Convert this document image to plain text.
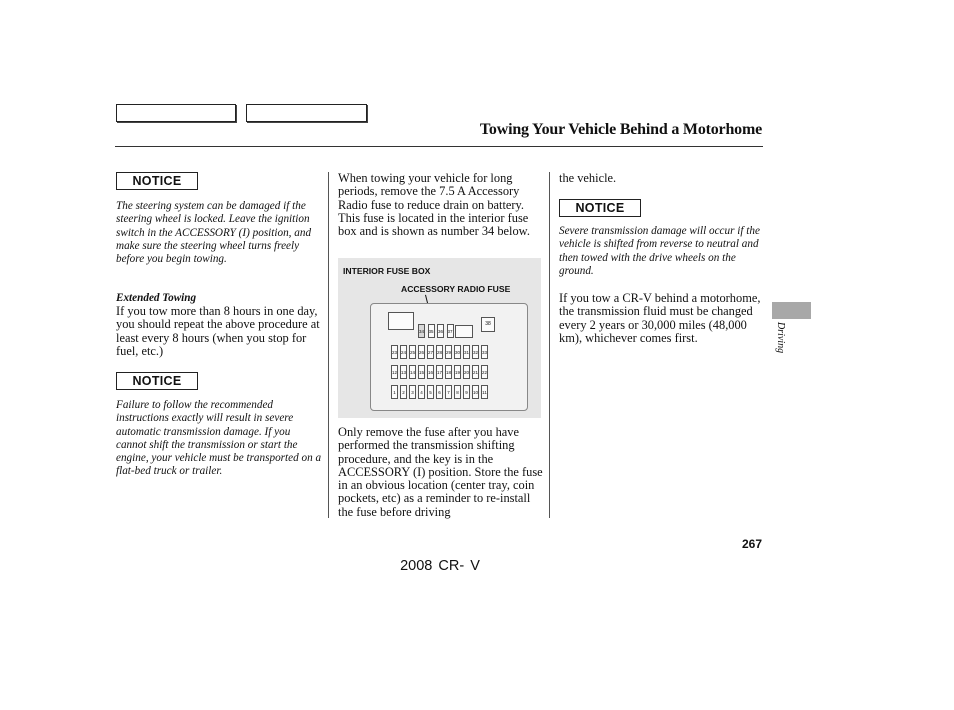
Towing Your Vehicle Behind a Motorhome
NOTICE

The steering system can be damaged if the steering wheel is locked. Leave the ignition switch in the ACCESSORY (I) position, and make sure the steering wheel turns freely before you begin towing.

Extended Towing

If you tow more than 8 hours in one day, you should repeat the above procedure at least every 8 hours (when you stop for fuel, etc.)

NOTICE

Failure to follow the recommended instructions exactly will result in severe automatic transmission damage. If you cannot shift the transmission or start the engine, your vehicle must be transported on a flat-bed truck or trailer.

When towing your vehicle for long periods, remove the 7.5 A Accessory Radio fuse to reduce drain on battery. This fuse is located in the interior fuse box and is shown as number 34 below.

INTERIOR FUSE BOX
ACCESSORY RADIO FUSE
38
34 35 36 37
23 24 25 26 27 28 29 30 31 32 33
12 13 14 15 16 17 18 19 20 21 22
1	2	3	4	5	6	7	8	9	10 11

Only remove the fuse after you have performed the transmission shifting procedure, and the key is in the ACCESSORY (I) position. Store the fuse in an obvious location (center tray, coin pockets, etc) as a reminder to re-install the fuse before driving

the vehicle.

NOTICE

Severe transmission damage will occur if the vehicle is shifted from reverse to neutral and then towed with the drive wheels on the ground.

If you tow a CR-V behind a motorhome, the transmission fluid must be changed every 2 years or 30,000 miles (48,000 km), whichever comes first.	Driving
267
2008 CR- V
